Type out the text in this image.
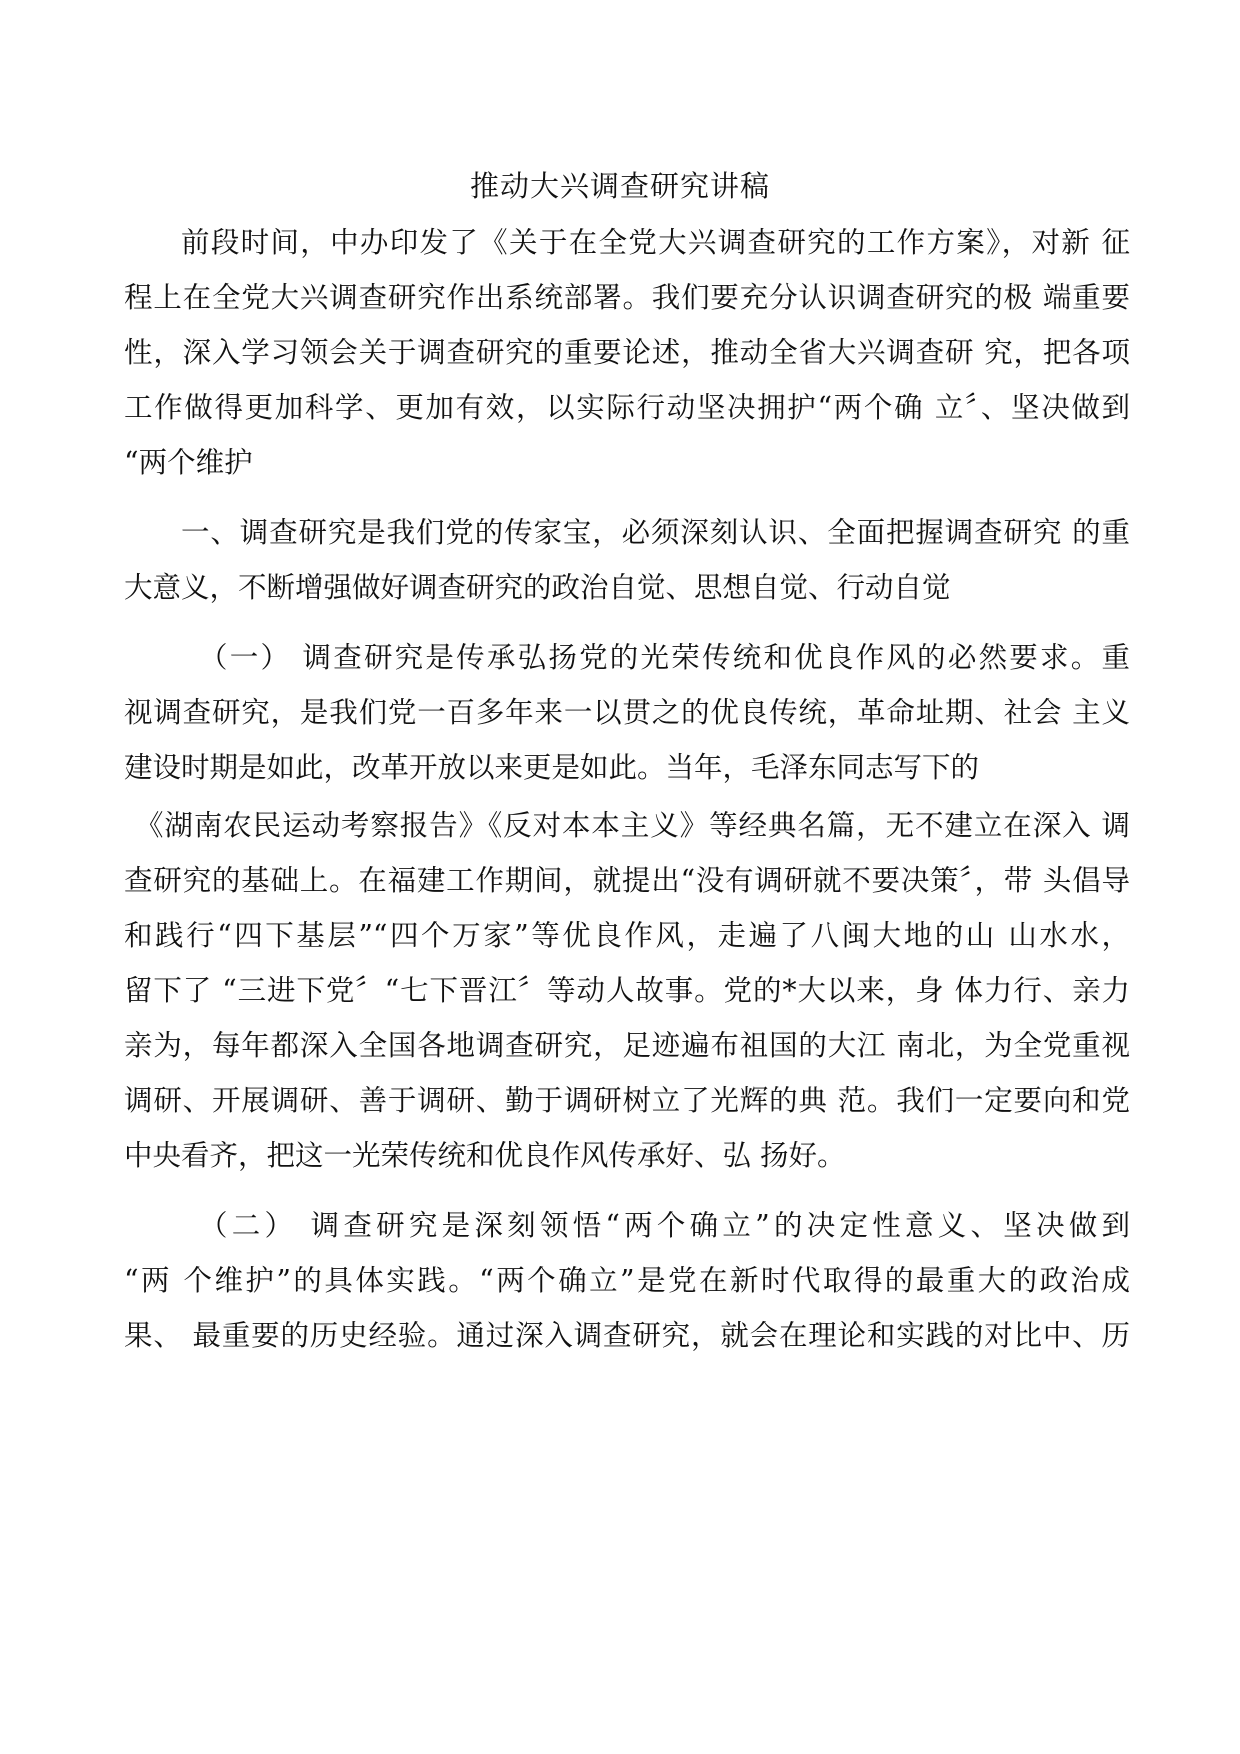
推动大兴调查研究讲稿
前段时间，中办印发了《关于在全党大兴调查研究的工作方案》，对新 征
程上在全党大兴调查研究作出系统部署。我们要充分认识调查研究的极 端重要
性，深入学习领会关于调查研究的重要论述，推动全省大兴调查研 究，把各项
工作做得更加科学、更加有效，以实际行动坚决拥护“两个确 立〞、坚决做到
“两个维护
一、调查研究是我们党的传家宝，必须深刻认识、全面把握调查研究 的重
大意义，不断增强做好调查研究的政治自觉、思想自觉、行动自觉
（一） 调查研究是传承弘扬党的光荣传统和优良作风的必然要求。重
视调查研究，是我们党一百多年来一以贯之的优良传统，革命址期、社会 主义
建设时期是如此，改革开放以来更是如此。当年，毛泽东同志写下的
《湖南农民运动考察报告》《反对本本主义》等经典名篇，无不建立在深入 调
查研究的基础上。在福建工作期间，就提出“没有调研就不要决策〞，带 头倡导
和践行“四下基层”“四个万家”等优良作风，走遍了八闽大地的山 山水水，
留下了 “三进下党〞“七下晋江〞等动人故事。党的*大以来，身 体力行、亲力
亲为，每年都深入全国各地调查研究，足迹遍布祖国的大江 南北，为全党重视
调研、开展调研、善于调研、勤于调研树立了光辉的典 范。我们一定要向和党
中央看齐，把这一光荣传统和优良作风传承好、弘 扬好。
（二） 调查研究是深刻领悟“两个确立”的决定性意义、坚决做到
“两 个维护”的具体实践。“两个确立”是党在新时代取得的最重大的政治成
果、 最重要的历史经验。通过深入调查研究，就会在理论和实践的对比中、历
